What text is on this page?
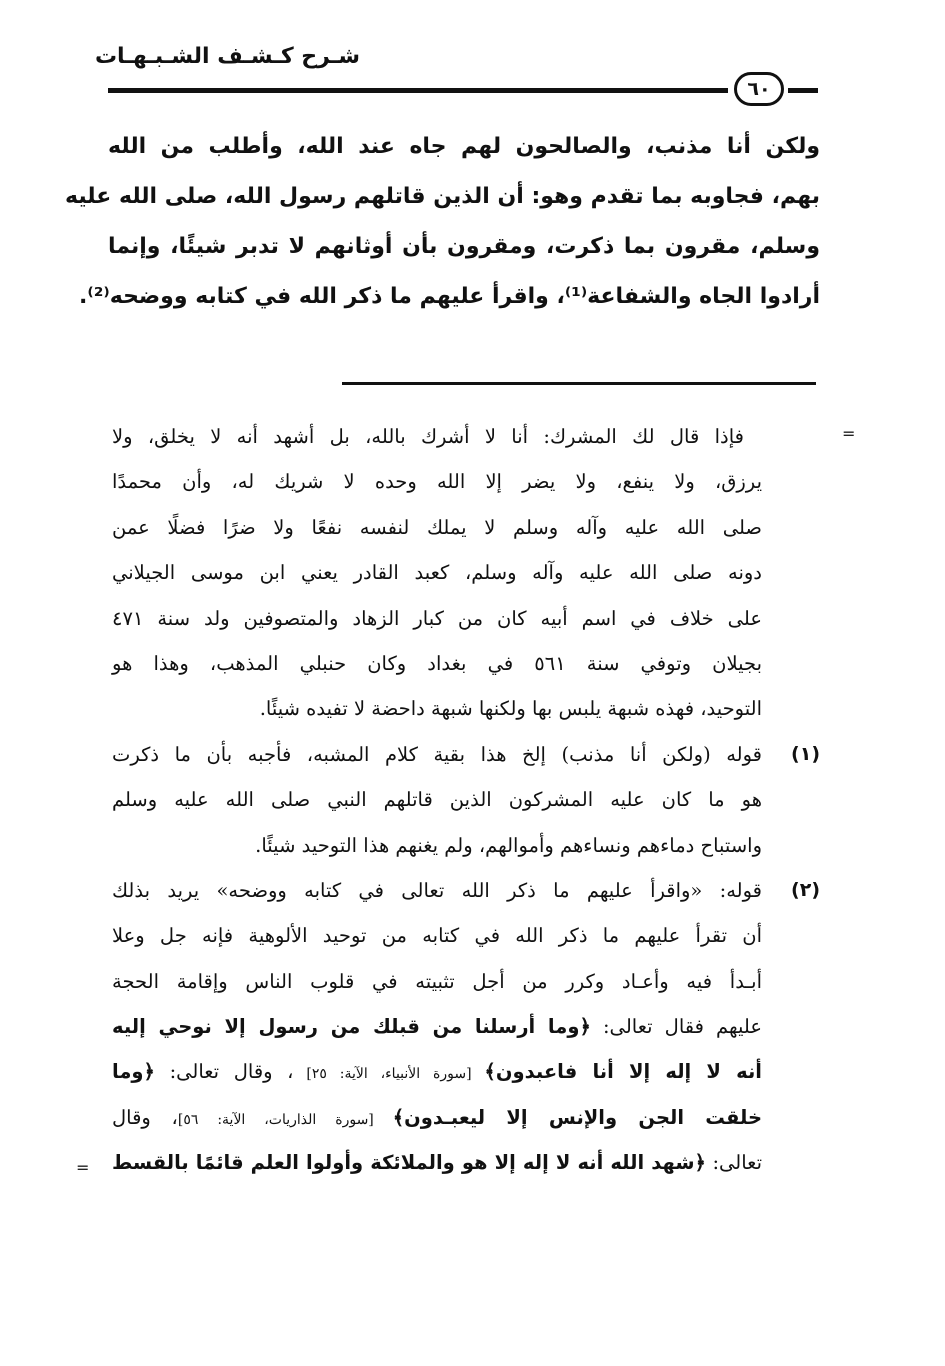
شـرح كـشـف الشـبـهـات
٦٠
ولكن أنا مذنب، والصالحون لهم جاه عند الله، وأطلب من الله
بهم، فجاوبه بما تقدم وهو: أن الذين قاتلهم رسول الله، صلى الله عليه
وسلم، مقرون بما ذكرت، ومقرون بأن أوثانهم لا تدبر شيئًا، وإنما
أرادوا الجاه والشفاعة⁽¹⁾، واقرأ عليهم ما ذكر الله في كتابه ووضحه⁽²⁾.
فإذا قال لك المشرك: أنا لا أشرك بالله، بل أشهد أنه لا يخلق، ولا
يرزق، ولا ينفع، ولا يضر إلا الله وحده لا شريك له، وأن محمدًا
صلى الله عليه وآله وسلم لا يملك لنفسه نفعًا ولا ضرًا فضلًا عمن
دونه صلى الله عليه وآله وسلم، كعبد القادر يعني ابن موسى الجيلاني
على خلاف في اسم أبيه كان من كبار الزهاد والمتصوفين ولد سنة ٤٧١
بجيلان وتوفي سنة ٥٦١ في بغداد وكان حنبلي المذهب، وهذا هو
التوحيد، فهذه شبهة يلبس بها ولكنها شبهة داحضة لا تفيده شيئًا.
(١)
قوله (ولكن أنا مذنب) إلخ هذا بقية كلام المشبه، فأجبه بأن ما ذكرت
هو ما كان عليه المشركون الذين قاتلهم النبي صلى الله عليه وسلم
واستباح دماءهم ونساءهم وأموالهم، ولم يغنهم هذا التوحيد شيئًا.
(٢)
قوله: «واقرأ عليهم ما ذكر الله تعالى في كتابه ووضحه» يريد بذلك
أن تقرأ عليهم ما ذكر الله في كتابه من توحيد الألوهية فإنه جل وعلا
أبـدأ فيه وأعـاد وكرر من أجل تثبيته في قلوب الناس وإقامة الحجة
عليهم فقال تعالى: ﴿وما أرسلنا من قبلك من رسول إلا نوحي إليه
أنه لا إله إلا أنا فاعبدون﴾ [سورة الأنبياء، الآية: ٢٥] ، وقال تعالى: ﴿وما
خلقت الجن والإنس إلا ليعبـدون﴾ [سورة الذاريات، الآية: ٥٦]، وقال
تعالى: ﴿شهد الله أنه لا إله إلا هو والملائكة وأولوا العلم قائمًا بالقسط
=
=
